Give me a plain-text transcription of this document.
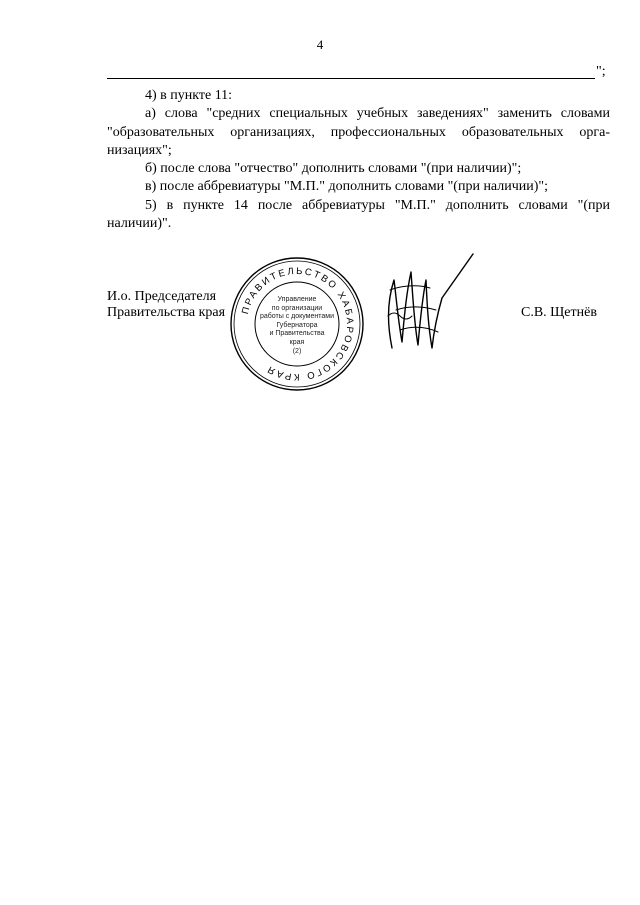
4
";

4) в пункте 11:

а) слова "средних специальных учебных заведениях" заменить словами "образовательных организациях, профессиональных образовательных орга-низациях";

б) после слова "отчество" дополнить словами "(при наличии)";

в) после аббревиатуры "М.П." дополнить словами "(при наличии)";

5) в пункте 14 после аббревиатуры "М.П." дополнить словами "(при наличии)".

И.о. Председателя
Правительства края ПРАВИТЕЛЬСТВО ХАБАРОВСКОГО КРАЯ
Управление
по организации
работы с документами
Губернатора
и Правительства
края
(2)
С.В. Щетнёв
